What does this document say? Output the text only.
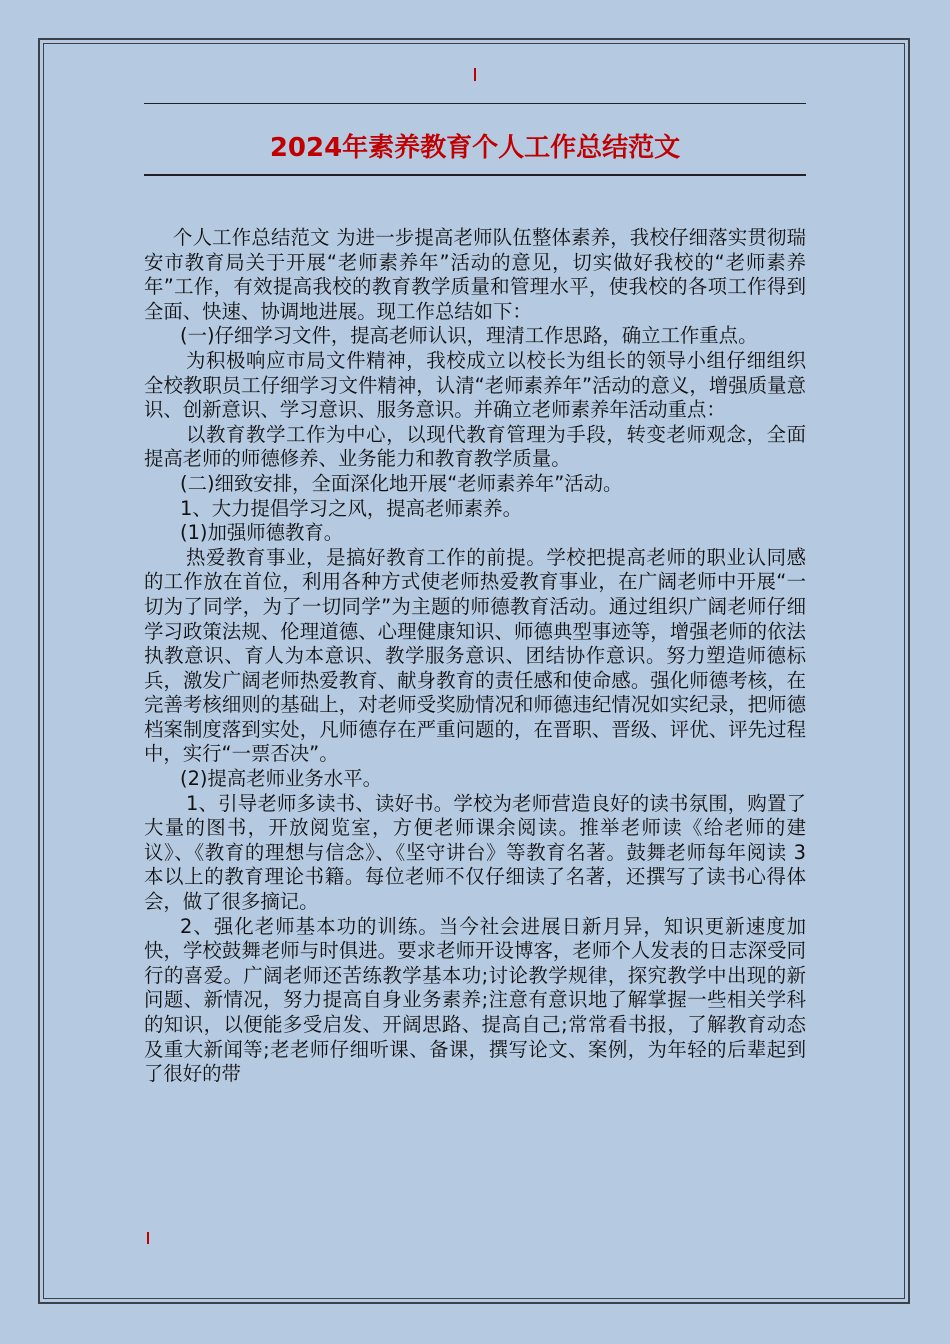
2024年素养教育个人工作总结范文

个人工作总结范文 为进一步提高老师队伍整体素养，我校仔细落实贯彻瑞安市教育局关于开展“老师素养年”活动的意见，切实做好我校的“老师素养年”工作，有效提高我校的教育教学质量和管理水平，使我校的各项工作得到全面、快速、协调地进展。现工作总结如下：

(一)仔细学习文件，提高老师认识，理清工作思路，确立工作重点。

为积极响应市局文件精神，我校成立以校长为组长的领导小组仔细组织全校教职员工仔细学习文件精神，认清“老师素养年”活动的意义，增强质量意识、创新意识、学习意识、服务意识。并确立老师素养年活动重点：

以教育教学工作为中心，以现代教育管理为手段，转变老师观念，全面提高老师的师德修养、业务能力和教育教学质量。

(二)细致安排，全面深化地开展“老师素养年”活动。

1、大力提倡学习之风，提高老师素养。

(1)加强师德教育。

热爱教育事业，是搞好教育工作的前提。学校把提高老师的职业认同感的工作放在首位，利用各种方式使老师热爱教育事业，在广阔老师中开展“一切为了同学，为了一切同学”为主题的师德教育活动。通过组织广阔老师仔细学习政策法规、伦理道德、心理健康知识、师德典型事迹等，增强老师的依法执教意识、育人为本意识、教学服务意识、团结协作意识。努力塑造师德标兵，激发广阔老师热爱教育、献身教育的责任感和使命感。强化师德考核，在完善考核细则的基础上，对老师受奖励情况和师德违纪情况如实纪录，把师德档案制度落到实处，凡师德存在严重问题的，在晋职、晋级、评优、评先过程中，实行“一票否决”。

(2)提高老师业务水平。

1、引导老师多读书、读好书。学校为老师营造良好的读书氛围，购置了大量的图书，开放阅览室，方便老师课余阅读。推举老师读《给老师的建议》、《教育的理想与信念》、《坚守讲台》等教育名著。鼓舞老师每年阅读 3 本以上的教育理论书籍。每位老师不仅仔细读了名著，还撰写了读书心得体会，做了很多摘记。

2、强化老师基本功的训练。当今社会进展日新月异，知识更新速度加快，学校鼓舞老师与时俱进。要求老师开设博客，老师个人发表的日志深受同行的喜爱。广阔老师还苦练教学基本功;讨论教学规律，探究教学中出现的新问题、新情况，努力提高自身业务素养;注意有意识地了解掌握一些相关学科的知识，以便能多受启发、开阔思路、提高自己;常常看书报，了解教育动态及重大新闻等;老老师仔细听课、备课，撰写论文、案例，为年轻的后辈起到了很好的带
